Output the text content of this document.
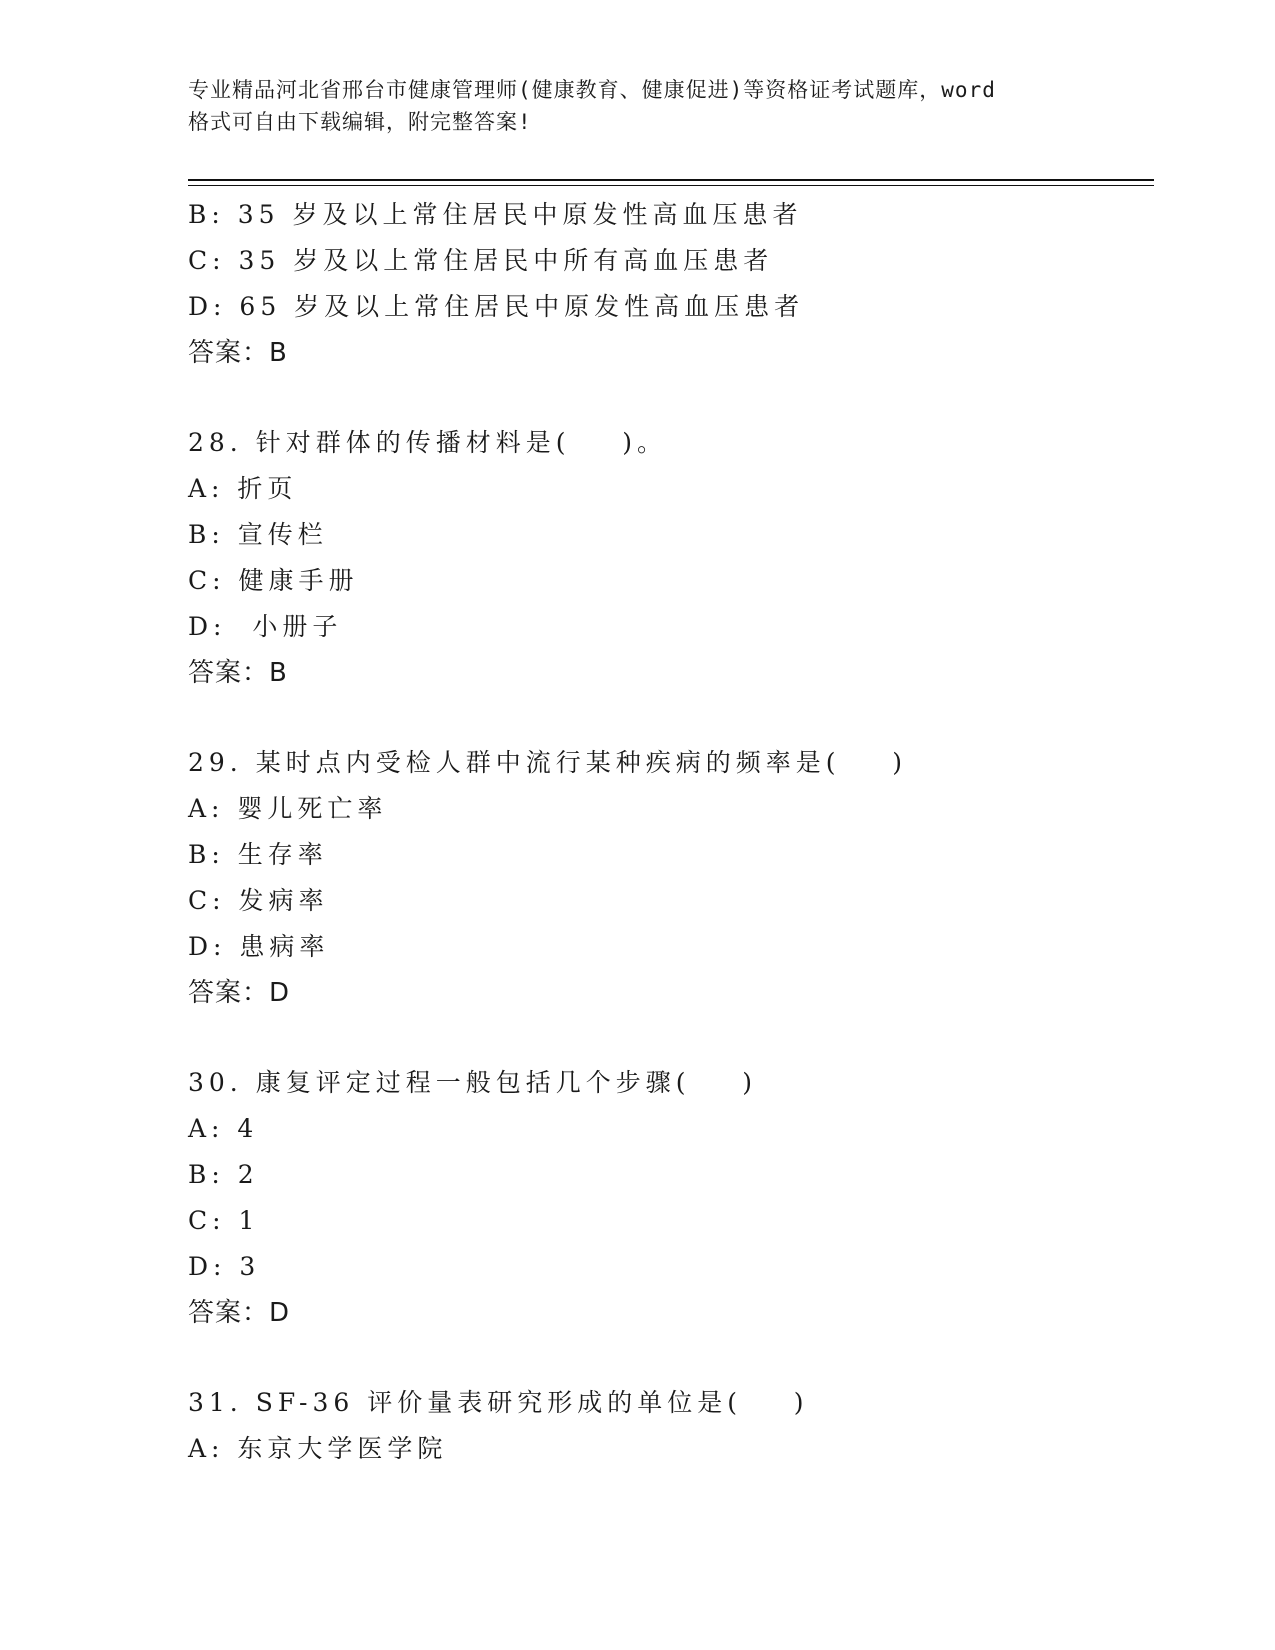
专业精品河北省邢台市健康管理师(健康教育、健康促进)等资格证考试题库，word
格式可自由下载编辑，附完整答案!
B: 35 岁及以上常住居民中原发性高血压患者
C: 35 岁及以上常住居民中所有高血压患者
D: 65 岁及以上常住居民中原发性高血压患者
答案：B
28. 针对群体的传播材料是(    )。
A: 折页
B: 宣传栏
C: 健康手册
D:  小册子
答案：B
29. 某时点内受检人群中流行某种疾病的频率是(    )
A: 婴儿死亡率
B: 生存率
C: 发病率
D: 患病率
答案：D
30. 康复评定过程一般包括几个步骤(    )
A: 4
B: 2
C: 1
D: 3
答案：D
31. SF-36 评价量表研究形成的单位是(    )
A: 东京大学医学院
